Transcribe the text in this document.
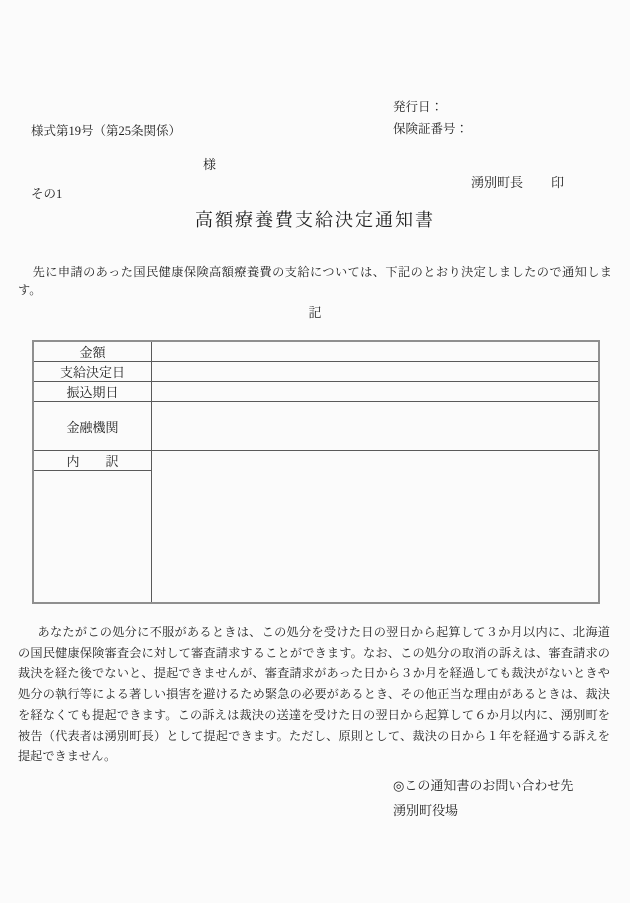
様式第19号（第25条関係）

その1

発行日：
保険証番号：
様
湧別町長 印
高額療養費支給決定通知書
先に申請のあった国民健康保険高額療養費の支給については、下記のとおり決定しましたので通知します。
記
金額	
支給決定日	
振込期日	
金融機関	
内　　訳	

あなたがこの処分に不服があるときは、この処分を受けた日の翌日から起算して３か月以内に、北海道の国民健康保険審査会に対して審査請求することができます。なお、この処分の取消の訴えは、審査請求の裁決を経た後でないと、提起できませんが、審査請求があった日から３か月を経過しても裁決がないときや処分の執行等による著しい損害を避けるため緊急の必要があるとき、その他正当な理由があるときは、裁決を経なくても提起できます。この訴えは裁決の送達を受けた日の翌日から起算して６か月以内に、湧別町を被告（代表者は湧別町長）として提起できます。ただし、原則として、裁決の日から１年を経過する訴えを提起できません。
◎この通知書のお問い合わせ先
湧別町役場
